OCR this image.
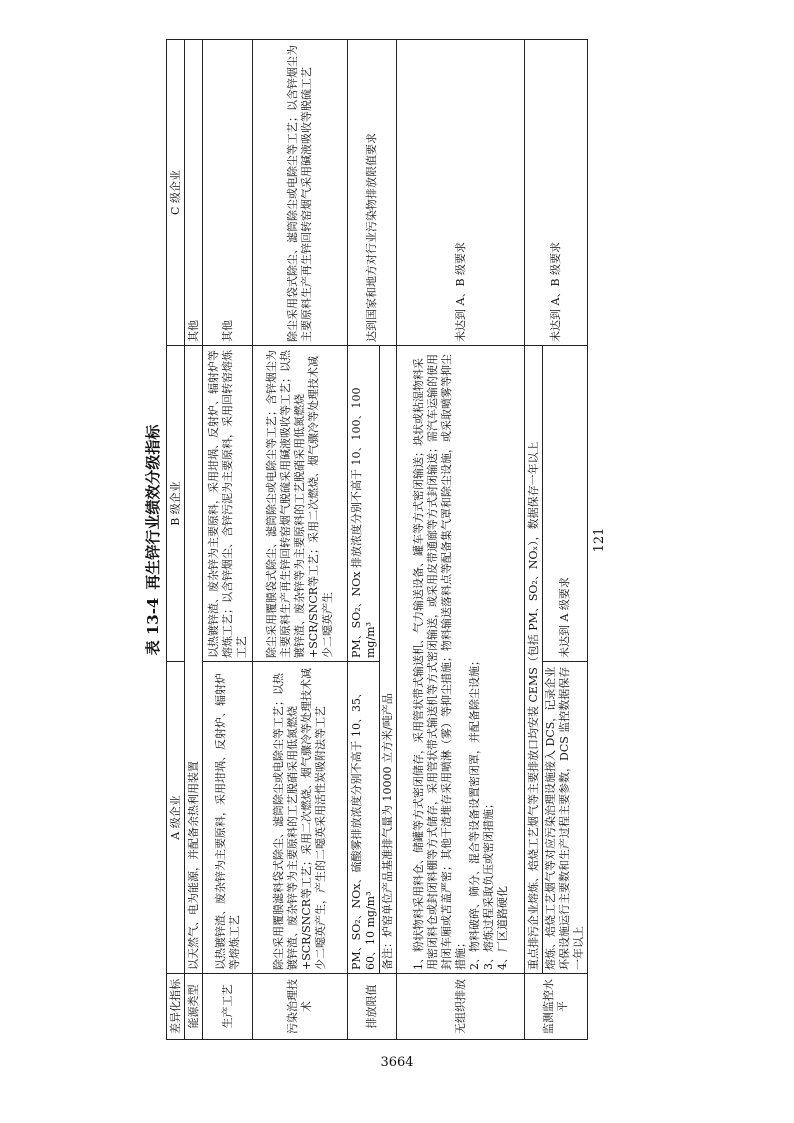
表 13-4再生锌行业绩效分级指标
差异化指标	A 级企业	B 级企业	C 级企业
能源类型	以天然气、电为能源，并配备余热利用装置		其他
生产工艺	以热镀锌渣、废杂锌为主要原料，采用坩埚、反射炉、辐射炉等熔炼工艺	以热镀锌渣、废杂锌为主要原料，采用坩埚、反射炉、辐射炉等熔炼工艺；以含锌烟尘、含锌污泥为主要原料，采用回转窑熔炼工艺	其他
污染治理技术	除尘采用覆膜滤料袋式除尘、滤筒除尘或电除尘等工艺；以热镀锌渣、废杂锌等为主要原料的工艺脱硝采用低氮燃烧+SCR/SNCR等工艺；采用二次燃烧、烟气骤冷等处理技术减少二噁英产生，产生的二噁英采用活性炭吸附法等工艺	除尘采用覆膜袋式除尘、滤筒除尘或电除尘等工艺；含锌烟尘为主要原料生产再生锌回转窑烟气脱硫采用碱液吸收等工艺；以热镀锌渣、废杂锌等为主要原料的工艺脱硝采用低氮燃烧+SCR/SNCR等工艺；采用二次燃烧、烟气骤冷等处理技术减少二噁英产生	除尘采用袋式除尘、滤筒除尘或电除尘等工艺；以含锌烟尘为主要原料生产再生锌回转窑烟气采用碱液吸收等脱硫工艺
排放限值	PM、SO₂、NOx、硫酸雾排放浓度分别不高于 10、35、60、10 mg/m³	PM、SO₂、NOx 排放浓度分别不高于 10、100、100 mg/m³	达到国家和地方对行业污染物排放限值要求
	备注：炉窑单位产品基准排气量为 10000 立方米/吨产品		
无组织排放	1、粉状物料采用料仓、储罐等方式密闭储存，采用管状带式输送机、气力输送设备、罐车等方式密闭输送；块状或粘湿物料采用密闭料仓或封闭料棚等方式储存，采用管状带式输送机等方式密闭输送，或采用皮带通廊等方式封闭输送；需汽车运输的使用封闭车厢或苫盖严密；其他干渣堆存采用喷淋（雾）等抑尘措施；物料输送落料点等配备集气罩和除尘设施，或采取喷雾等抑尘措施； 2、物料破碎、筛分、混合等设备设置密闭罩，并配备除尘设施； 3、熔炼过程采取负压或密闭措施； 4、厂区道路硬化		未达到 A、B 级要求
监测监控水平	重点排污企业熔炼、焙烧工艺烟气等主要排放口均安装 CEMS（包括 PM、SO₂、NOₓ），数据保存一年以上		未达到 A、B 级要求
	熔炼、焙烧工艺烟气等对应污染治理设施接入 DCS，记录企业环保设施运行主要数和生产过程主要参数，DCS 监控数据保存一年以上	未达到 A 级要求	
121
3664
